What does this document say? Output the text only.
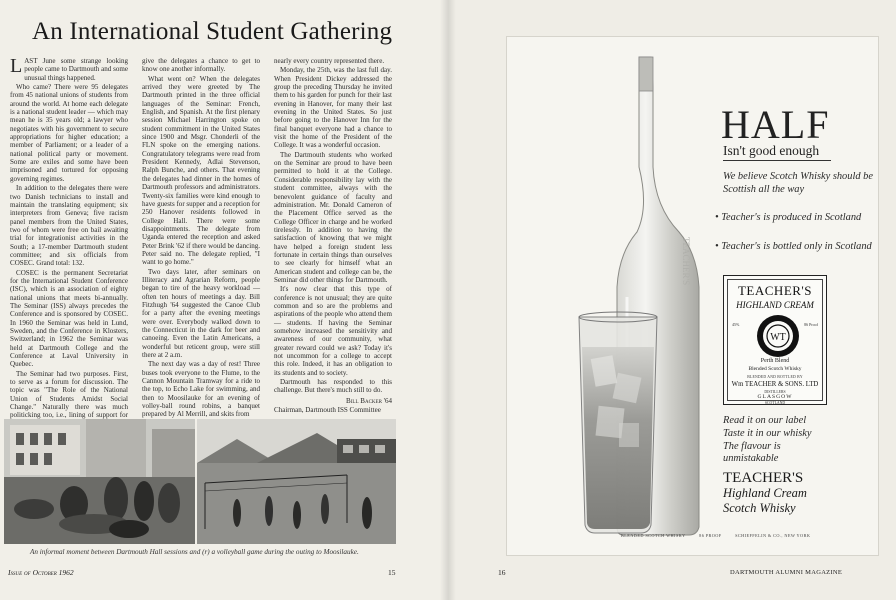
An International Student Gathering

LAST June some strange looking people came to Dartmouth and some unusual things happened.

Who came? There were 95 delegates from 45 national unions of students from around the world. At home each delegate is a national student leader — which may mean he is 35 years old; a lawyer who negotiates with his government to secure appropriations for higher education; a member of Parliament; or a leader of a national political party or movement. Some are exiles and some have been imprisoned and tortured for opposing governing regimes.

In addition to the delegates there were two Danish technicians to install and maintain the translating equipment; six interpreters from Geneva; five racism panel members from the United States, two of whom were free on bail awaiting trial for integrationist activities in the South; a 17-member Dartmouth student committee; and six officials from COSEC. Grand total: 132.

COSEC is the permanent Secretariat for the International Student Conference (ISC), which is an association of eighty national unions that meets bi-annually. The Seminar (ISS) always precedes the Conference and is sponsored by COSEC. In 1960 the Seminar was held in Lund, Sweden, and the Conference in Klosters, Switzerland; in 1962 the Seminar was held at Dartmouth College and the Conference at Laval University in Quebec.

The Seminar had two purposes. First, to serve as a forum for discussion. The topic was "The Role of the National Union of Students Amidst Social Change." Naturally there was much politicking too, i.e., lining of support for

give the delegates a chance to get to know one another informally.

What went on? When the delegates arrived they were greeted by The Dartmouth printed in the three official languages of the Seminar: French, English, and Spanish. At the first plenary session Michael Harrington spoke on student commitment in the United States since 1900 and Msgr. Chonderli of the FLN spoke on the emerging nations. Congratulatory telegrams were read from President Kennedy, Adlai Stevenson, Ralph Bunche, and others. That evening the delegates had dinner in the homes of Dartmouth professors and administrators. Twenty-six families were kind enough to have guests for supper and a reception for 250 Hanover residents followed in College Hall. There were some disappointments. The delegate from Uganda entered the reception and asked Peter Brink '62 if there would be dancing. Peter said no. The delegate replied, "I want to go home."

Two days later, after seminars on Illiteracy and Agrarian Reform, people began to tire of the heavy workload — often ten hours of meetings a day. Bill Fitzhugh '64 suggested the Canoe Club for a party after the evening meetings were over. Everybody walked down to the Connecticut in the dark for beer and canoeing. Even the Latin Americans, a wonderful but reticent group, were still there at 2 a.m.

The next day was a day of rest! Three buses took everyone to the Flume, to the Cannon Mountain Tramway for a ride to the top, to Echo Lake for swimming, and then to Moosilauke for an evening of volley-ball round robins, a banquet prepared by Al Merrill, and skits from

nearly every country represented there.

Monday, the 25th, was the last full day. When President Dickey addressed the group the preceding Thursday he invited them to his garden for punch for their last evening in Hanover, for many their last evening in the United States. So just before going to the Hanover Inn for the final banquet everyone had a chance to visit the home of the President of the College. It was a wonderful occasion.

The Dartmouth students who worked on the Seminar are proud to have been permitted to hold it at the College. Considerable responsibility lay with the student committee, always with the benevolent guidance of faculty and administration. Mr. Donald Cameron of the Placement Office served as the College Officer in charge and he worked tirelessly. In addition to having the satisfaction of knowing that we might have helped a foreign student less fortunate in certain things than ourselves to see clearly for himself what an American student and college can be, the Seminar did other things for Dartmouth.

It's now clear that this type of conference is not unusual; they are quite common and so are the problems and aspirations of the people who attend them — students. If having the Seminar somehow increased the sensitivity and awareness of our community, what greater reward could we ask? Today it's not uncommon for a college to accept this role. Indeed, it has an obligation to its students and to society.

Dartmouth has responded to this challenge. But there's much still to do.

Bill Backer '64

Chairman, Dartmouth ISS Committee

An informal moment between Dartmouth Hall sessions and (r) a volleyball game during the outing to Moosilauke.
Issue of October 1962	15	16	DARTMOUTH ALUMNI MAGAZINE
TEACHER'S
HALF
Isn't good enough
We believe Scotch Whisky should be Scottish all the way
• Teacher's is produced in Scotland
• Teacher's is bottled only in Scotland
TEACHER'S
HIGHLAND CREAM
45%	86 Proof
WT
Perth Blend
Blended Scotch Whisky
BLENDED AND BOTTLED BY
Wm TEACHER & SONS. LTD
DISTILLERS
GLASGOW
SCOTLAND
Read it on our label
Taste it in our whisky
The flavour is
unmistakable
TEACHER'S
Highland Cream
Scotch Whisky
BLENDED SCOTCH WHISKY	86 PROOF	SCHIEFFELIN & CO., NEW YORK
